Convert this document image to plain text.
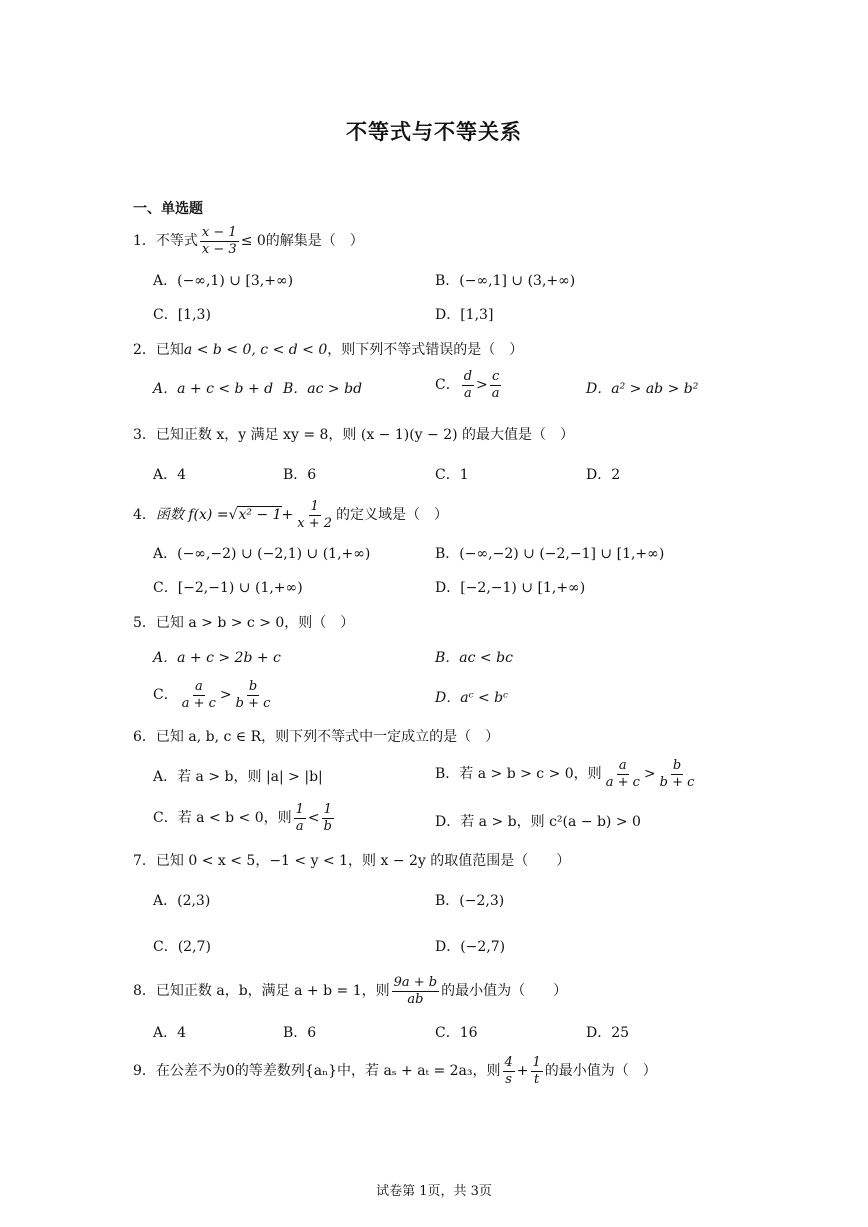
不等式与不等关系
一、单选题
1．不等式 $\frac{x - 1}{x - 3} \le 0$的解集是（　）
A．(−∞,1) ∪ [3,+∞)	B．(−∞,1] ∪ (3,+∞)
C．[1,3)	D．[1,3]
2．已知a < b < 0, c < d < 0，则下列不等式错误的是（　）
A．a + c < b + d B．ac > bd	C． $\frac{d}{a} > \frac{c}{a}$	D．a² > ab > b²
3．已知正数 x，y 满足 xy = 8，则 (x − 1)(y − 2) 的最大值是（　）
A．4	B．6	C．1	D．2
4．函数 $f(x) =√x^2 - 1+ \frac{1}{x + 2}$ 的定义域是（　）
A．(−∞,−2) ∪ (−2,1) ∪ (1,+∞)	B．(−∞,−2) ∪ (−2,−1] ∪ [1,+∞)
C．[−2,−1) ∪ (1,+∞)	D．[−2,−1) ∪ [1,+∞)
5．已知 a > b > c > 0，则（　）
A．a + c > 2b + c	B．ac < bc
C． $\frac{a}{a + c} > \frac{b}{b + c}$	D．aᶜ < bᶜ
6．已知 a, b, c ∈ R，则下列不等式中一定成立的是（　）
A．若 a > b，则 |a| > |b|	B．若 a > b > c > 0，则 $\frac{a}{a + c} > \frac{b}{b + c}$
C．若 a < b < 0，则 $\frac{1}{a} < \frac{1}{b}$	D．若 a > b，则 c²(a − b) > 0
7．已知 0 < x < 5，−1 < y < 1，则 x − 2y 的取值范围是（　　）
A．(2,3)	B．(−2,3)
C．(2,7)	D．(−2,7)
8．已知正数 a，b，满足 a + b = 1，则 $\frac{9a + b}{ab}$ 的最小值为（　　）
A．4	B．6	C．16	D．25
9．在公差不为0的等差数列{aₙ}中，若 aₛ + aₜ = 2a₃，则 $\frac{4}{s} + \frac{1}{t}$ 的最小值为（　）
试卷第 1页，共 3页
